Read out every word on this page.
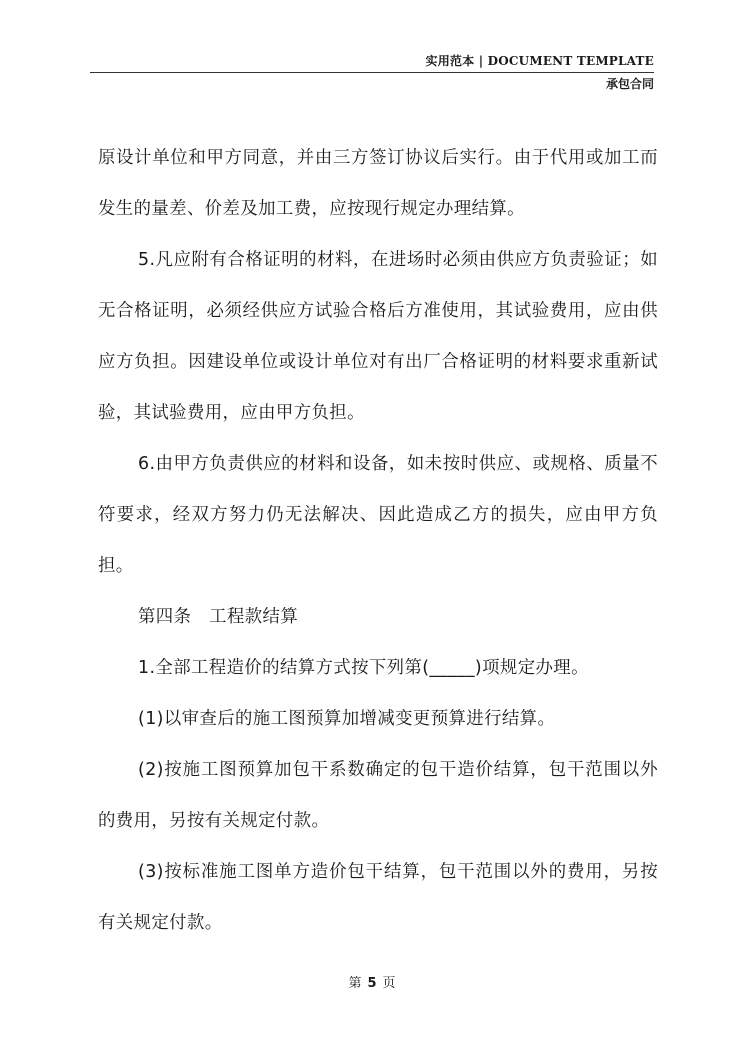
实用范本 | DOCUMENT TEMPLATE
承包合同

原设计单位和甲方同意，并由三方签订协议后实行。由于代用或加工而发生的量差、价差及加工费，应按现行规定办理结算。

5.凡应附有合格证明的材料，在进场时必须由供应方负责验证；如无合格证明，必须经供应方试验合格后方准使用，其试验费用，应由供应方负担。因建设单位或设计单位对有出厂合格证明的材料要求重新试验，其试验费用，应由甲方负担。

6.由甲方负责供应的材料和设备，如未按时供应、或规格、质量不符要求，经双方努力仍无法解决、因此造成乙方的损失，应由甲方负担。

第四条　工程款结算

1.全部工程造价的结算方式按下列第(_____)项规定办理。

(1)以审查后的施工图预算加增减变更预算进行结算。

(2)按施工图预算加包干系数确定的包干造价结算，包干范围以外的费用，另按有关规定付款。

(3)按标准施工图单方造价包干结算，包干范围以外的费用，另按有关规定付款。

第 5 页
